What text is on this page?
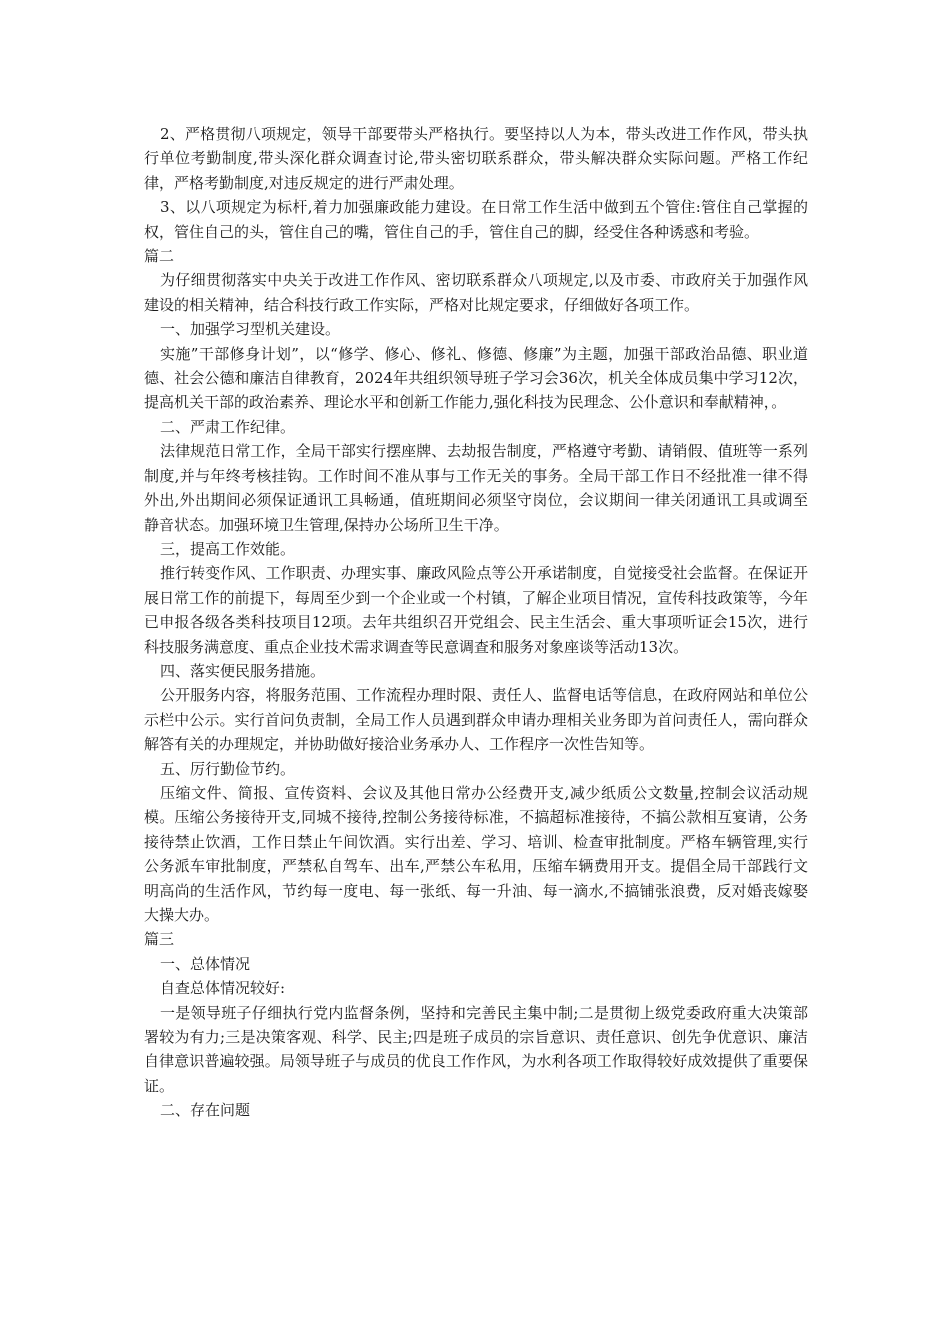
2、严格贯彻八项规定，领导干部要带头严格执行。要坚持以人为本，带头改进工作作风，带头执行单位考勤制度,带头深化群众调查讨论,带头密切联系群众，带头解决群众实际问题。严格工作纪律，严格考勤制度,对违反规定的进行严肃处理。

3、以八项规定为标杆,着力加强廉政能力建设。在日常工作生活中做到五个管住:管住自己掌握的权，管住自己的头，管住自己的嘴，管住自己的手，管住自己的脚，经受住各种诱惑和考验。

篇二

为仔细贯彻落实中央关于改进工作作风、密切联系群众八项规定,以及市委、市政府关于加强作风建设的相关精神，结合科技行政工作实际，严格对比规定要求，仔细做好各项工作。

一、加强学习型机关建设。

实施”干部修身计划”，以“修学、修心、修礼、修德、修廉”为主题，加强干部政治品德、职业道德、社会公德和廉洁自律教育，2024年共组织领导班子学习会36次，机关全体成员集中学习12次，提高机关干部的政治素养、理论水平和创新工作能力,强化科技为民理念、公仆意识和奉献精神，。

二、严肃工作纪律。

法律规范日常工作，全局干部实行摆座牌、去劫报告制度，严格遵守考勤、请销假、值班等一系列制度,并与年终考核挂钩。工作时间不准从事与工作无关的事务。全局干部工作日不经批准一律不得外出,外出期间必须保证通讯工具畅通，值班期间必须坚守岗位，会议期间一律关闭通讯工具或调至静音状态。加强环境卫生管理,保持办公场所卫生干净。

三，提高工作效能。

推行转变作风、工作职责、办理实事、廉政风险点等公开承诺制度，自觉接受社会监督。在保证开展日常工作的前提下，每周至少到一个企业或一个村镇，了解企业项目情况，宣传科技政策等，今年已申报各级各类科技项目12项。去年共组织召开党组会、民主生活会、重大事项听证会15次，进行科技服务满意度、重点企业技术需求调查等民意调查和服务对象座谈等活动13次。

四、落实便民服务措施。

公开服务内容，将服务范围、工作流程办理时限、责任人、监督电话等信息，在政府网站和单位公示栏中公示。实行首问负责制，全局工作人员遇到群众申请办理相关业务即为首问责任人，需向群众解答有关的办理规定，并协助做好接洽业务承办人、工作程序一次性告知等。

五、厉行勤俭节约。

压缩文件、简报、宣传资料、会议及其他日常办公经费开支,减少纸质公文数量,控制会议活动规模。压缩公务接待开支,同城不接待,控制公务接待标准，不搞超标准接待，不搞公款相互宴请，公务接待禁止饮酒，工作日禁止午间饮酒。实行出差、学习、培训、检查审批制度。严格车辆管理,实行公务派车审批制度，严禁私自驾车、出车,严禁公车私用，压缩车辆费用开支。提倡全局干部践行文明高尚的生活作风，节约每一度电、每一张纸、每一升油、每一滴水,不搞铺张浪费，反对婚丧嫁娶大操大办。

篇三

一、总体情况

自查总体情况较好:

一是领导班子仔细执行党内监督条例，坚持和完善民主集中制;二是贯彻上级党委政府重大决策部署较为有力;三是决策客观、科学、民主;四是班子成员的宗旨意识、责任意识、创先争优意识、廉洁自律意识普遍较强。局领导班子与成员的优良工作作风，为水利各项工作取得较好成效提供了重要保证。

二、存在问题
